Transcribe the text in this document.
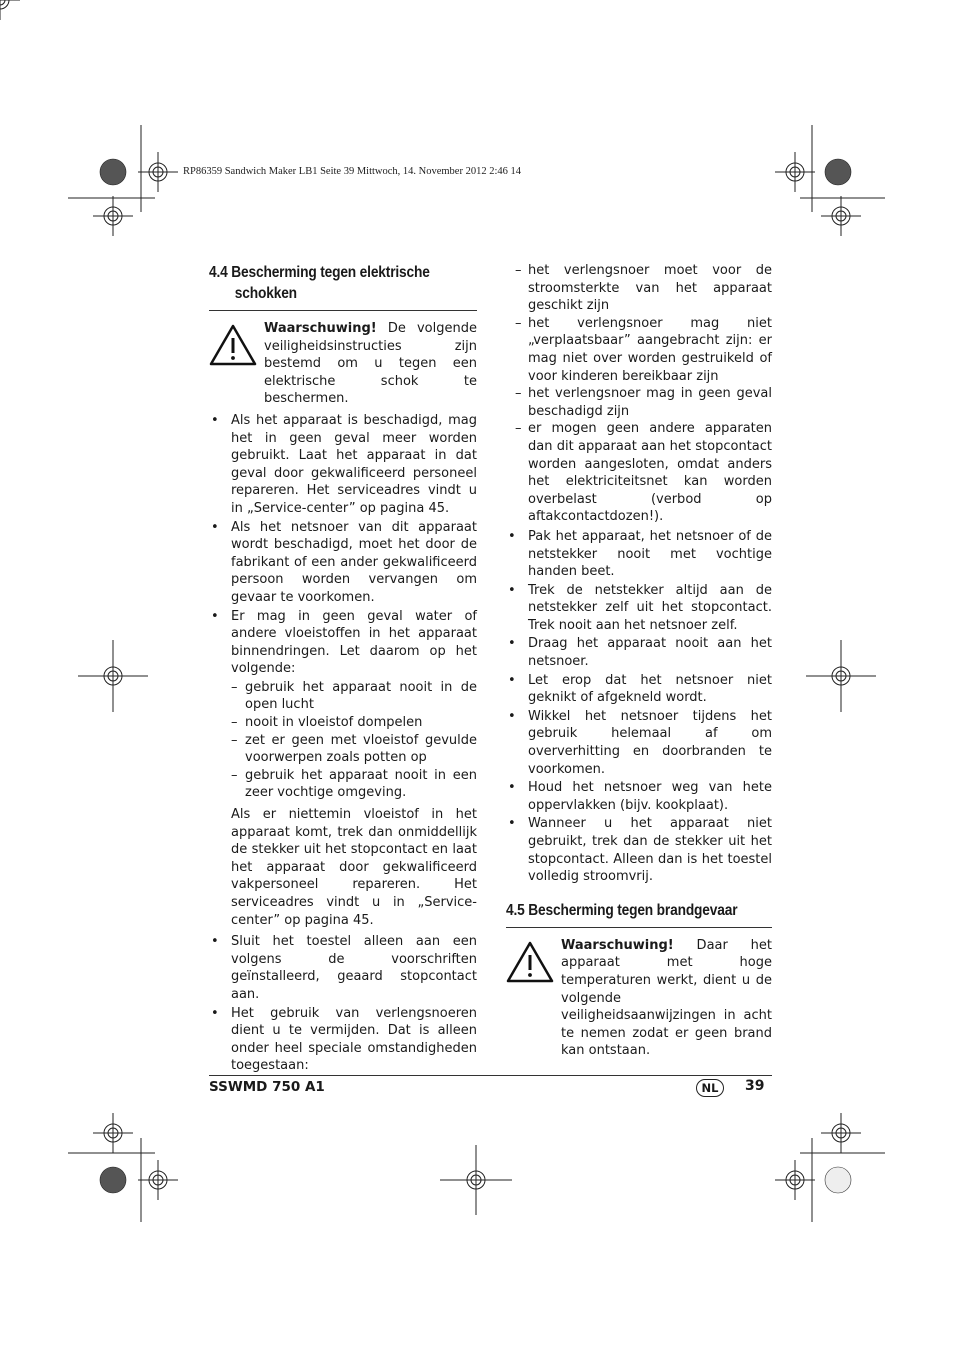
RP86359 Sandwich Maker LB1 Seite 39 Mittwoch, 14. November 2012 2:46 14
4.4 Bescherming tegen elektrische
schokken
Waarschuwing! De volgende veiligheidsinstructies zijn bestemd om u tegen een elektrische schok te beschermen.
• Als het apparaat is beschadigd, mag het in geen geval meer worden gebruikt. Laat het apparaat in dat geval door gekwalificeerd personeel repareren. Het serviceadres vindt u in „Service-center” op pagina 45.
• Als het netsnoer van dit apparaat wordt beschadigd, moet het door de fabrikant of een ander gekwalificeerd persoon worden vervangen om gevaar te voorkomen.
• Er mag in geen geval water of andere vloeistoffen in het apparaat binnendringen. Let daarom op het volgende:
– gebruik het apparaat nooit in de open lucht
– nooit in vloeistof dompelen
– zet er geen met vloeistof gevulde voorwerpen zoals potten op
– gebruik het apparaat nooit in een zeer vochtige omgeving.
Als er niettemin vloeistof in het apparaat komt, trek dan onmiddellijk de stekker uit het stopcontact en laat het apparaat door gekwalificeerd vakpersoneel repareren. Het serviceadres vindt u in „Service-center” op pagina 45.
• Sluit het toestel alleen aan een volgens de voorschriften geïnstalleerd, geaard stopcontact aan.
• Het gebruik van verlengsnoeren dient u te vermijden. Dat is alleen onder heel speciale omstandigheden toegestaan:
– het verlengsnoer moet voor de stroomsterkte van het apparaat geschikt zijn
– het verlengsnoer mag niet „verplaatsbaar” aangebracht zijn: er mag niet over worden gestruikeld of voor kinderen bereikbaar zijn
– het verlengsnoer mag in geen geval beschadigd zijn
– er mogen geen andere apparaten dan dit apparaat aan het stopcontact worden aangesloten, omdat anders het elektriciteitsnet kan worden overbelast (verbod op aftakcontactdozen!).
• Pak het apparaat, het netsnoer of de netstekker nooit met vochtige handen beet.
• Trek de netstekker altijd aan de netstekker zelf uit het stopcontact. Trek nooit aan het netsnoer zelf.
• Draag het apparaat nooit aan het netsnoer.
• Let erop dat het netsnoer niet geknikt of afgekneld wordt.
• Wikkel het netsnoer tijdens het gebruik helemaal af om oververhitting en doorbranden te voorkomen.
• Houd het netsnoer weg van hete oppervlakken (bijv. kookplaat).
• Wanneer u het apparaat niet gebruikt, trek dan de stekker uit het stopcontact. Alleen dan is het toestel volledig stroomvrij.
4.5 Bescherming tegen brandgevaar
Waarschuwing! Daar het apparaat met hoge temperaturen werkt, dient u de volgende veiligheidsaanwijzingen in acht te nemen zodat er geen brand kan ontstaan.
SSWMD 750 A1	NL	39
